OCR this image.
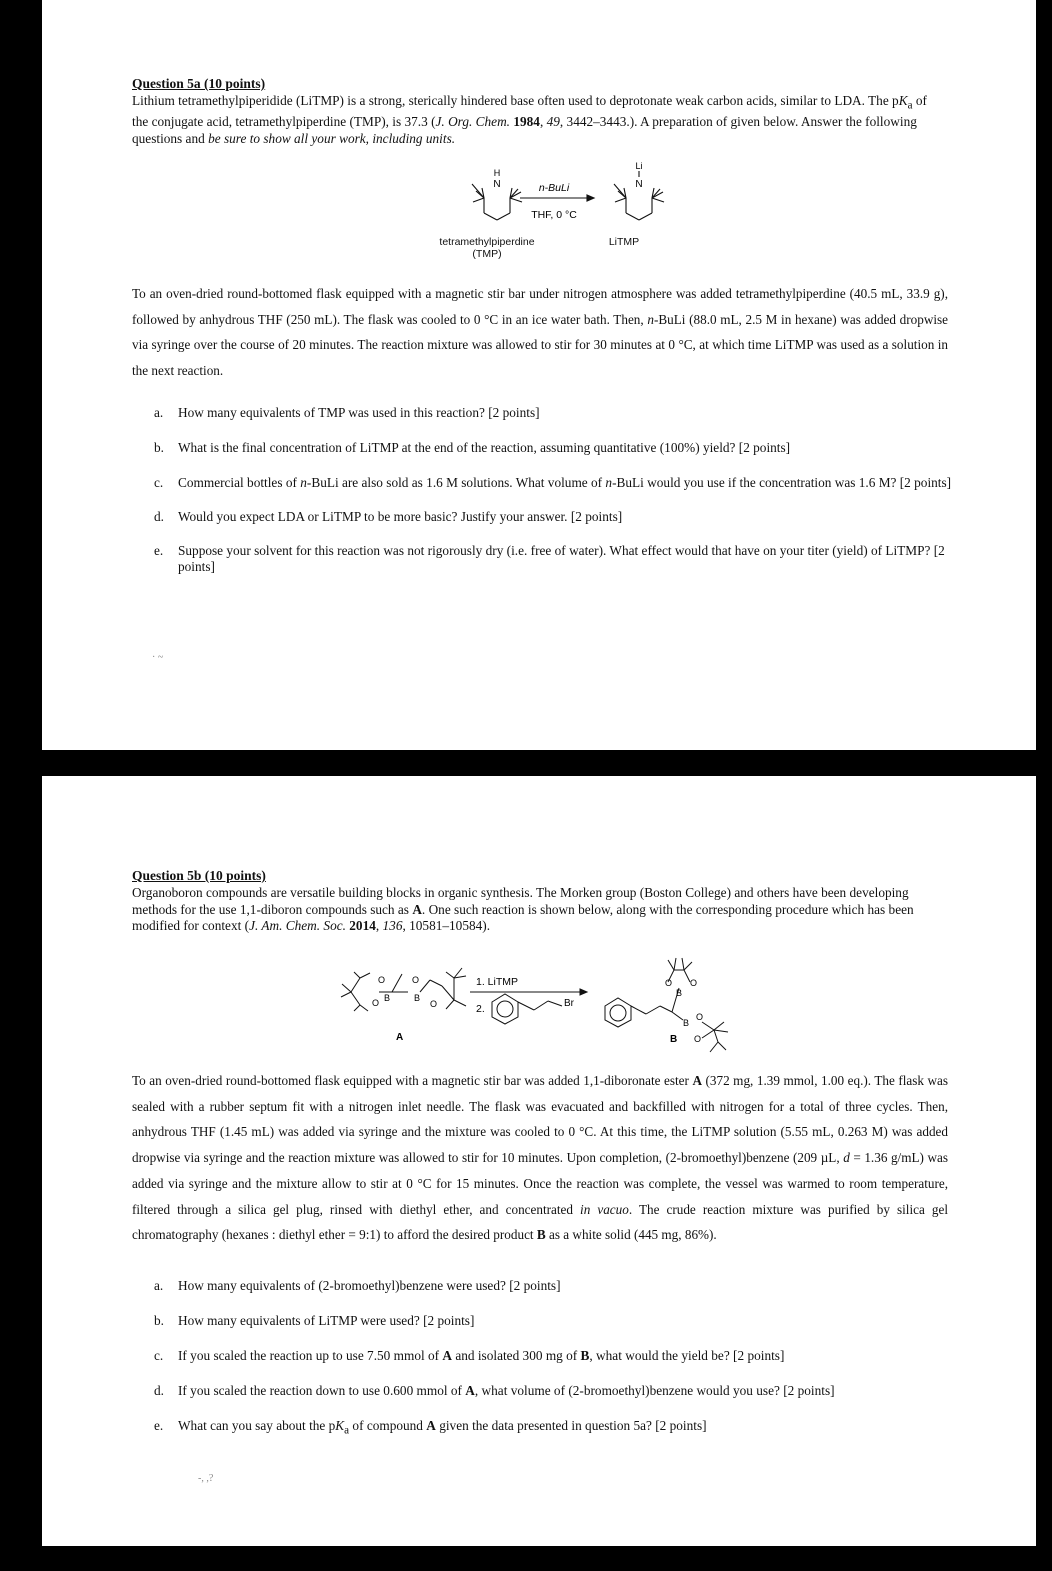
Question 5a (10 points)
Lithium tetramethylpiperidide (LiTMP) is a strong, sterically hindered base often used to deprotonate weak carbon acids, similar to LDA. The $pK_a$ of the conjugate acid, tetramethylpiperdine (TMP), is 37.3 (J. Org. Chem. 1984, 49, 3442–3443.). A preparation of given below. Answer the following questions and be sure to show all your work, including units.
H
N	n-BuLi
THF, 0 °C
Li
N
tetramethylpiperdine
(TMP)
LiTMP
To an oven-dried round-bottomed flask equipped with a magnetic stir bar under nitrogen atmosphere was added tetramethylpiperdine (40.5 mL, 33.9 g), followed by anhydrous THF (250 mL). The flask was cooled to 0 °C in an ice water bath. Then, n-BuLi (88.0 mL, 2.5 M in hexane) was added dropwise via syringe over the course of 20 minutes. The reaction mixture was allowed to stir for 30 minutes at 0 °C, at which time LiTMP was used as a solution in the next reaction.
a. How many equivalents of TMP was used in this reaction? [2 points]
b. What is the final concentration of LiTMP at the end of the reaction, assuming quantitative (100%) yield? [2 points]
c. Commercial bottles of n-BuLi are also sold as 1.6 M solutions. What volume of n-BuLi would you use if the concentration was 1.6 M? [2 points]
d. Would you expect LDA or LiTMP to be more basic? Justify your answer. [2 points]
e. Suppose your solvent for this reaction was not rigorously dry (i.e. free of water). What effect would that have on your titer (yield) of LiTMP? [2 points]
· ~
Question 5b (10 points)
Organoboron compounds are versatile building blocks in organic synthesis. The Morken group (Boston College) and others have been developing methods for the use 1,1-diboron compounds such as A. One such reaction is shown below, along with the corresponding procedure which has been modified for context (J. Am. Chem. Soc. 2014, 136, 10581–10584).
O
O B
O
B
O
A
1. LiTMP
2.	Br
O
B
O
B
O
O
B
To an oven-dried round-bottomed flask equipped with a magnetic stir bar was added 1,1-diboronate ester A (372 mg, 1.39 mmol, 1.00 eq.). The flask was sealed with a rubber septum fit with a nitrogen inlet needle. The flask was evacuated and backfilled with nitrogen for a total of three cycles. Then, anhydrous THF (1.45 mL) was added via syringe and the mixture was cooled to 0 °C. At this time, the LiTMP solution (5.55 mL, 0.263 M) was added dropwise via syringe and the reaction mixture was allowed to stir for 10 minutes. Upon completion, (2-bromoethyl)benzene (209 µL, d = 1.36 g/mL) was added via syringe and the mixture allow to stir at 0 °C for 15 minutes. Once the reaction was complete, the vessel was warmed to room temperature, filtered through a silica gel plug, rinsed with diethyl ether, and concentrated in vacuo. The crude reaction mixture was purified by silica gel chromatography (hexanes : diethyl ether = 9:1) to afford the desired product B as a white solid (445 mg, 86%).
a. How many equivalents of (2-bromoethyl)benzene were used? [2 points]
b. How many equivalents of LiTMP were used? [2 points]
c. If you scaled the reaction up to use 7.50 mmol of A and isolated 300 mg of B, what would the yield be? [2 points]
d. If you scaled the reaction down to use 0.600 mmol of A, what volume of (2-bromoethyl)benzene would you use? [2 points]
e. What can you say about the $pK_a$ of compound A given the data presented in question 5a? [2 points]
-, ,?
